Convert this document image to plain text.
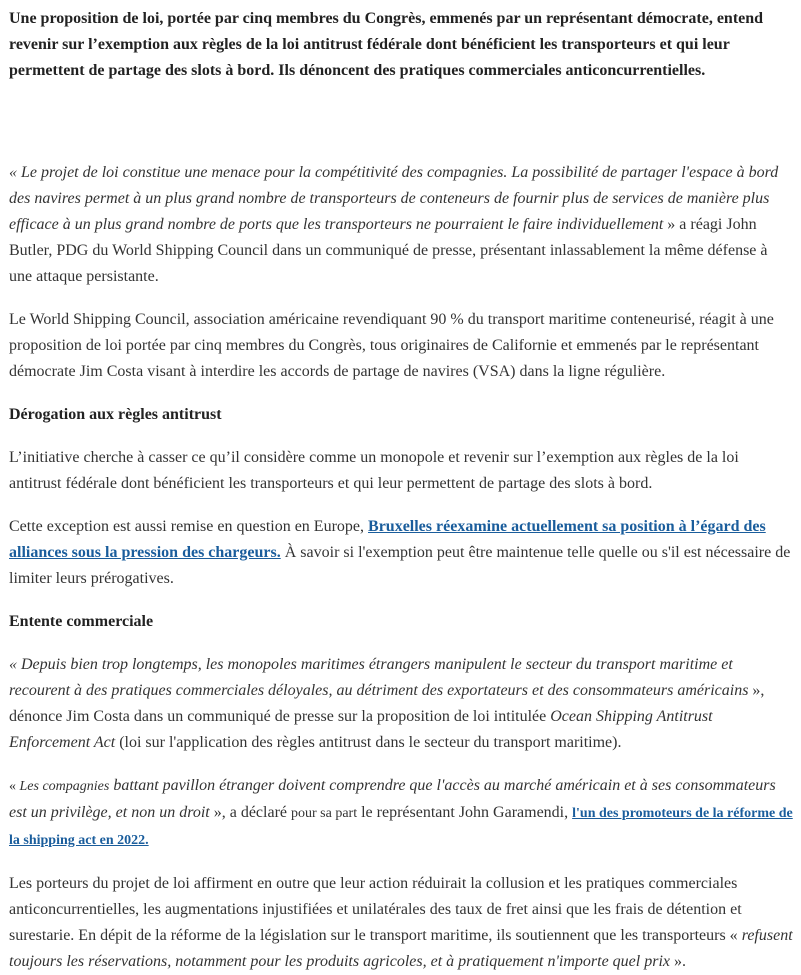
Une proposition de loi, portée par cinq membres du Congrès, emmenés par un représentant démocrate, entend revenir sur l’exemption aux règles de la loi antitrust fédérale dont bénéficient les transporteurs et qui leur permettent de partage des slots à bord. Ils dénoncent des pratiques commerciales anticoncurrentielles.

« Le projet de loi constitue une menace pour la compétitivité des compagnies. La possibilité de partager l'espace à bord des navires permet à un plus grand nombre de transporteurs de conteneurs de fournir plus de services de manière plus efficace à un plus grand nombre de ports que les transporteurs ne pourraient le faire individuellement » a réagi John Butler, PDG du World Shipping Council dans un communiqué de presse, présentant inlassablement la même défense à une attaque persistante.

Le World Shipping Council, association américaine revendiquant 90 % du transport maritime conteneurisé, réagit à une proposition de loi portée par cinq membres du Congrès, tous originaires de Californie et emmenés par le représentant démocrate Jim Costa visant à interdire les accords de partage de navires (VSA) dans la ligne régulière.

Dérogation aux règles antitrust

L’initiative cherche à casser ce qu’il considère comme un monopole et revenir sur l’exemption aux règles de la loi antitrust fédérale dont bénéficient les transporteurs et qui leur permettent de partage des slots à bord.

Cette exception est aussi remise en question en Europe, Bruxelles réexamine actuellement sa position à l’égard des alliances sous la pression des chargeurs. À savoir si l'exemption peut être maintenue telle quelle ou s'il est nécessaire de limiter leurs prérogatives.

Entente commerciale

« Depuis bien trop longtemps, les monopoles maritimes étrangers manipulent le secteur du transport maritime et recourent à des pratiques commerciales déloyales, au détriment des exportateurs et des consommateurs américains », dénonce Jim Costa dans un communiqué de presse sur la proposition de loi intitulée Ocean Shipping Antitrust Enforcement Act (loi sur l'application des règles antitrust dans le secteur du transport maritime).

« Les compagnies battant pavillon étranger doivent comprendre que l'accès au marché américain et à ses consommateurs est un privilège, et non un droit », a déclaré pour sa part le représentant John Garamendi, l'un des promoteurs de la réforme de la shipping act en 2022.

Les porteurs du projet de loi affirment en outre que leur action réduirait la collusion et les pratiques commerciales anticoncurrentielles, les augmentations injustifiées et unilatérales des taux de fret ainsi que les frais de détention et surestarie. En dépit de la réforme de la législation sur le transport maritime, ils soutiennent que les transporteurs « refusent toujours les réservations, notamment pour les produits agricoles, et à pratiquement n'importe quel prix ».
